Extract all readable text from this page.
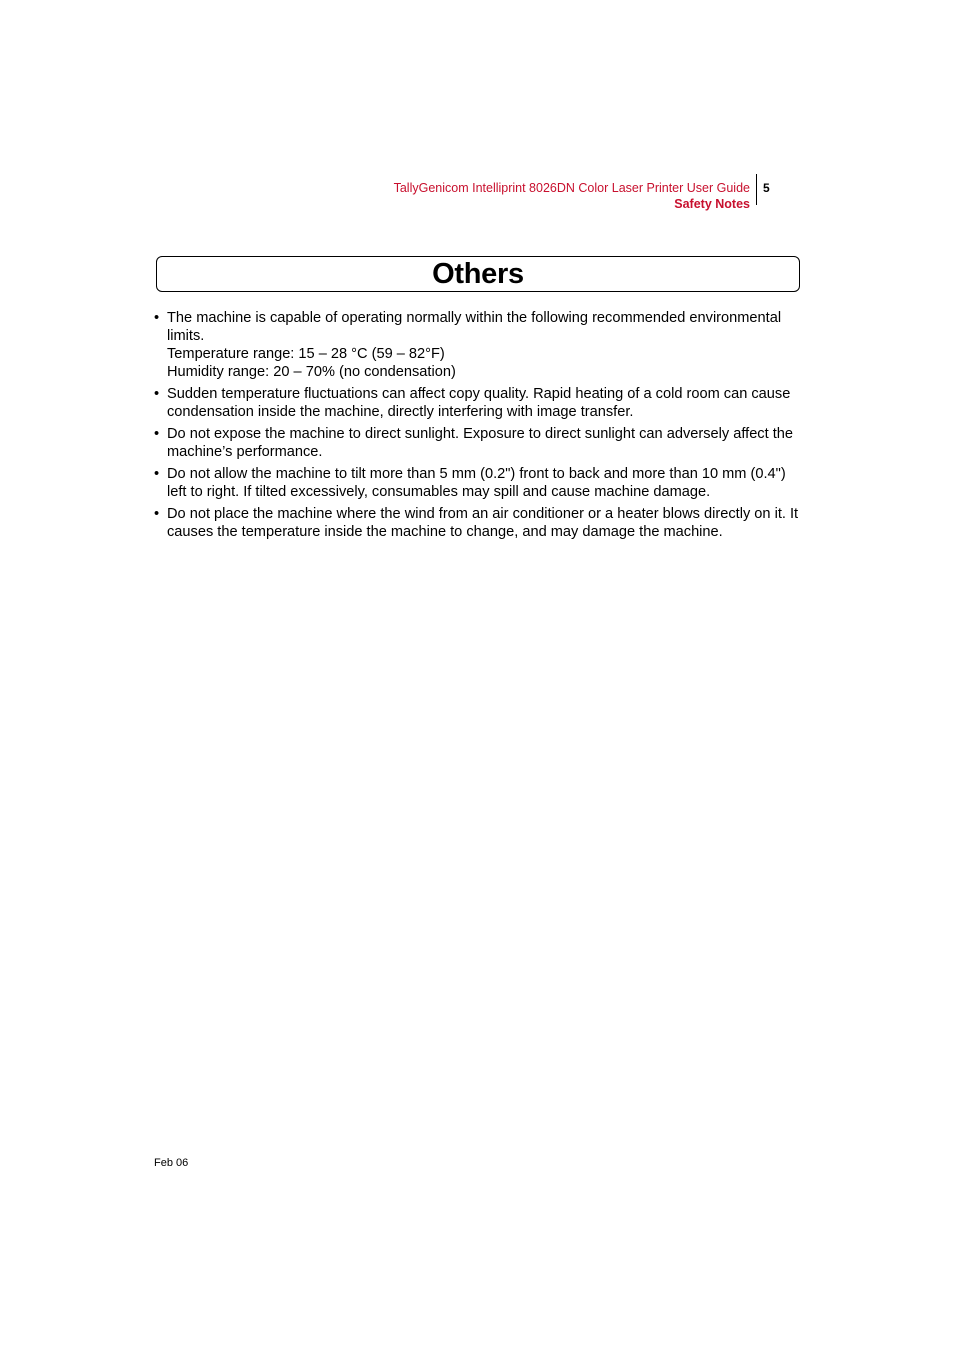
TallyGenicom Intelliprint 8026DN Color Laser Printer User Guide
Safety Notes
5
Others
• The machine is capable of operating normally within the following recommended environmental limits.
Temperature range: 15 – 28 °C (59 – 82°F)
Humidity range: 20 – 70% (no condensation)
• Sudden temperature fluctuations can affect copy quality. Rapid heating of a cold room can cause condensation inside the machine, directly interfering with image transfer.
• Do not expose the machine to direct sunlight. Exposure to direct sunlight can adversely affect the machine’s performance.
• Do not allow the machine to tilt more than 5 mm (0.2") front to back and more than 10 mm (0.4") left to right. If tilted excessively, consumables may spill and cause machine damage.
• Do not place the machine where the wind from an air conditioner or a heater blows directly on it. It causes the temperature inside the machine to change, and may damage the machine.
Feb 06
